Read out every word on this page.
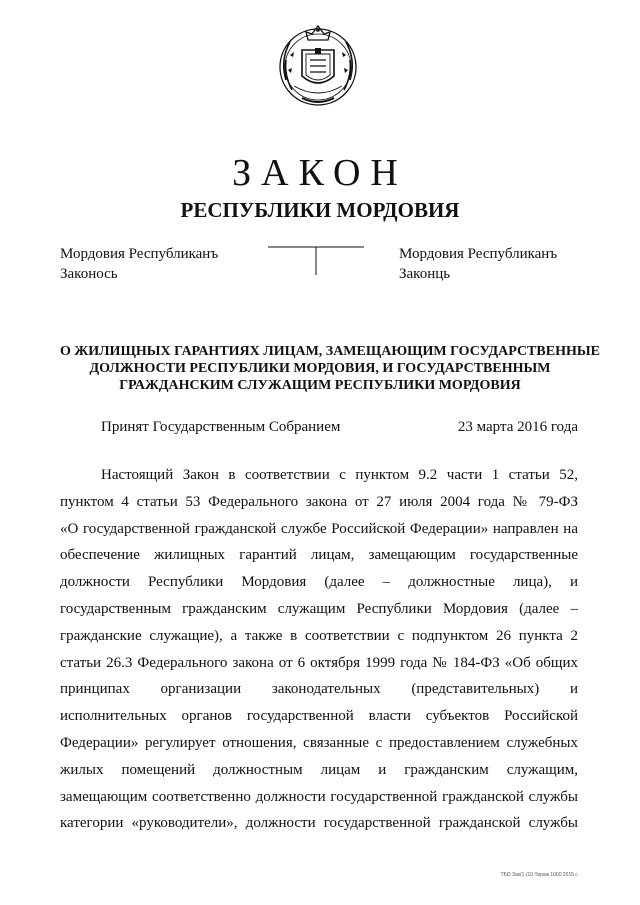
ЗАКОН
РЕСПУБЛИКИ МОРДОВИЯ
Мордовия Республиканъ
Законось
Мордовия Республиканъ
Законць
О ЖИЛИЩНЫХ ГАРАНТИЯХ ЛИЦАМ, ЗАМЕЩАЮЩИМ ГОСУДАРСТВЕННЫЕ
ДОЛЖНОСТИ РЕСПУБЛИКИ МОРДОВИЯ, И ГОСУДАРСТВЕННЫМ
ГРАЖДАНСКИМ СЛУЖАЩИМ РЕСПУБЛИКИ МОРДОВИЯ
Принят Государственным Собранием	23 марта 2016 года
Настоящий Закон в соответствии с пунктом 9.2 части 1 статьи 52,
пунктом 4 статьи 53 Федерального закона от 27 июля 2004 года № 79-ФЗ
«О государственной гражданской службе Российской Федерации» направлен на
обеспечение жилищных гарантий лицам, замещающим государственные
должности Республики Мордовия (далее – должностные лица), и
государственным гражданским служащим Республики Мордовия (далее –
гражданские служащие), а также в соответствии с подпунктом 26 пункта 2
статьи 26.3 Федерального закона от 6 октября 1999 года № 184-ФЗ «Об общих
принципах организации законодательных (представительных) и
исполнительных органов государственной власти субъектов Российской
Федерации» регулирует отношения, связанные с предоставлением служебных
жилых помещений должностным лицам и гражданским служащим,
замещающим соответственно должности государственной гражданской службы
категории «руководители», должности государственной гражданской службы
ТБО Зак(1 (10 Тираж 1000 2015 г.
